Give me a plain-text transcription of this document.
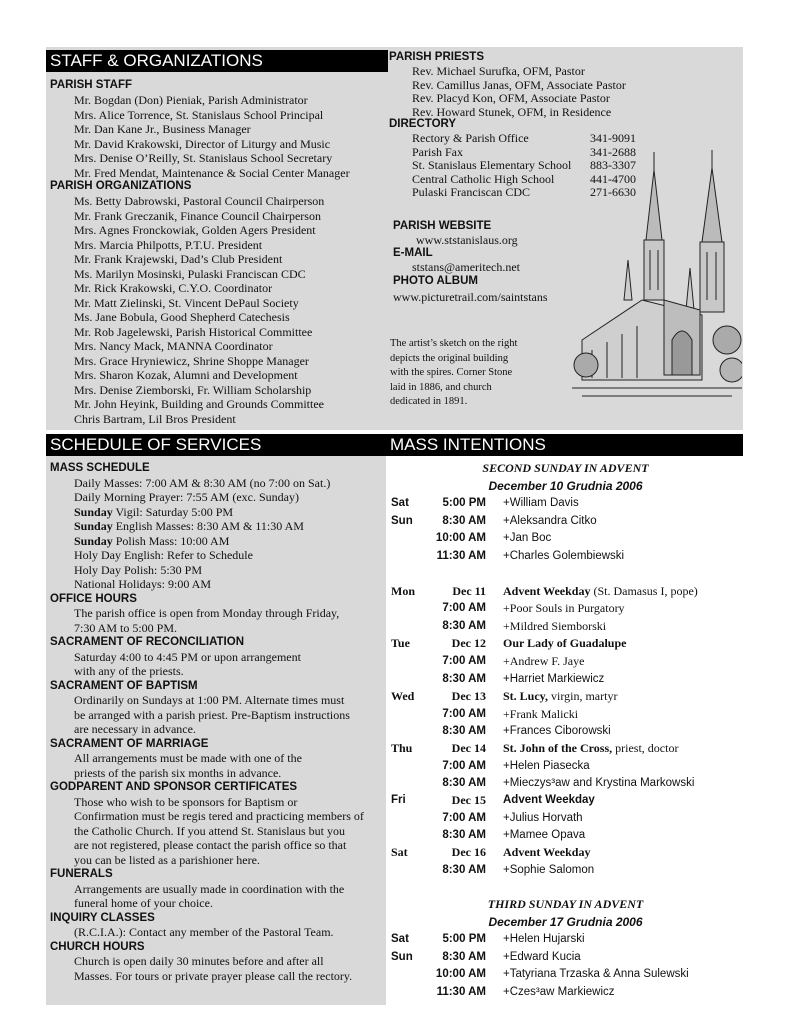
STAFF & ORGANIZATIONS
SCHEDULE OF SERVICES	MASS INTENTIONS
PARISH STAFF
Mr. Bogdan (Don) Pieniak, Parish Administrator
Mrs. Alice Torrence, St. Stanislaus School Principal
Mr. Dan Kane Jr., Business Manager
Mr. David Krakowski, Director of Liturgy and Music
Mrs. Denise O’Reilly, St. Stanislaus School Secretary
Mr. Fred Mendat, Maintenance & Social Center Manager
PARISH ORGANIZATIONS
Ms. Betty Dabrowski, Pastoral Council Chairperson
Mr. Frank Greczanik, Finance Council Chairperson
Mrs. Agnes Fronckowiak, Golden Agers President
Mrs. Marcia Philpotts, P.T.U. President
Mr. Frank Krajewski, Dad’s Club President
Ms. Marilyn Mosinski, Pulaski Franciscan CDC
Mr. Rick Krakowski, C.Y.O. Coordinator
Mr. Matt Zielinski, St. Vincent DePaul Society
Ms. Jane Bobula, Good Shepherd Catechesis
Mr. Rob Jagelewski, Parish Historical Committee
Mrs. Nancy Mack, MANNA Coordinator
Mrs. Grace Hryniewicz, Shrine Shoppe Manager
Mrs. Sharon Kozak, Alumni and Development
Mrs. Denise Ziemborski, Fr. William Scholarship
Mr. John Heyink, Building and Grounds Committee
Chris Bartram, Lil Bros President
PARISH PRIESTS
Rev. Michael Surufka, OFM, Pastor
Rev. Camillus Janas, OFM, Associate Pastor
Rev. Placyd Kon, OFM, Associate Pastor
Rev. Howard Stunek, OFM, in Residence
DIRECTORY
Rectory & Parish Office	341-9091
Parish Fax	341-2688
St. Stanislaus Elementary School 883-3307
Central Catholic High School	441-4700
Pulaski Franciscan CDC	271-6630
PARISH WEBSITE
www.ststanislaus.org
E-MAIL
ststans@ameritech.net
PHOTO ALBUM
www.picturetrail.com/saintstans
The artist’s sketch on the right
depicts the original building
with the spires. Corner Stone
laid in 1886, and church
dedicated in 1891.
MASS SCHEDULE
Daily Masses: 7:00 AM & 8:30 AM (no 7:00 on Sat.)
Daily Morning Prayer: 7:55 AM (exc. Sunday)
Sunday Vigil: Saturday 5:00 PM
Sunday English Masses: 8:30 AM & 11:30 AM
Sunday Polish Mass: 10:00 AM
Holy Day English: Refer to Schedule
Holy Day Polish: 5:30 PM
National Holidays: 9:00 AM
OFFICE HOURS
The parish office is open from Monday through Friday,
7:30 AM to 5:00 PM.
SACRAMENT OF RECONCILIATION
Saturday 4:00 to 4:45 PM or upon arrangement
with any of the priests.
SACRAMENT OF BAPTISM
Ordinarily on Sundays at 1:00 PM. Alternate times must
be arranged with a parish priest. Pre-Baptism instructions
are necessary in advance.
SACRAMENT OF MARRIAGE
All arrangements must be made with one of the
priests of the parish six months in advance.
GODPARENT AND SPONSOR CERTIFICATES
Those who wish to be sponsors for Baptism or
Confirmation must be regis tered and practicing members of
the Catholic Church. If you attend St. Stanislaus but you
are not registered, please contact the parish office so that
you can be listed as a parishioner here.
FUNERALS
Arrangements are usually made in coordination with the
funeral home of your choice.
INQUIRY CLASSES
(R.C.I.A.): Contact any member of the Pastoral Team.
CHURCH HOURS
Church is open daily 30 minutes before and after all
Masses. For tours or private prayer please call the rectory.
SECOND SUNDAY IN ADVENT
December 10 Grudnia 2006
THIRD SUNDAY IN ADVENT
December 17 Grudnia 2006
Sat	5:00 PM +William Davis
Sun	8:30 AM +Aleksandra Citko
10:00 AM +Jan Boc
11:30 AM +Charles Golembiewski
Mon	Dec 11 Advent Weekday (St. Damasus I, pope)
7:00 AM +Poor Souls in Purgatory
8:30 AM +Mildred Siemborski
Tue	Dec 12 Our Lady of Guadalupe
7:00 AM +Andrew F. Jaye
8:30 AM +Harriet Markiewicz
Wed	Dec 13 St. Lucy, virgin, martyr
7:00 AM +Frank Malicki
8:30 AM +Frances Ciborowski
Thu	Dec 14 St. John of the Cross, priest, doctor
7:00 AM +Helen Piasecka
8:30 AM +Mieczys³aw and Krystina Markowski
Fri	Dec 15 Advent Weekday
7:00 AM +Julius Horvath
8:30 AM +Mamee Opava
Sat	Dec 16 Advent Weekday
8:30 AM +Sophie Salomon
Sat	5:00 PM +Helen Hujarski
Sun	8:30 AM +Edward Kucia
10:00 AM +Tatyriana Trzaska & Anna Sulewski
11:30 AM +Czes³aw Markiewicz
